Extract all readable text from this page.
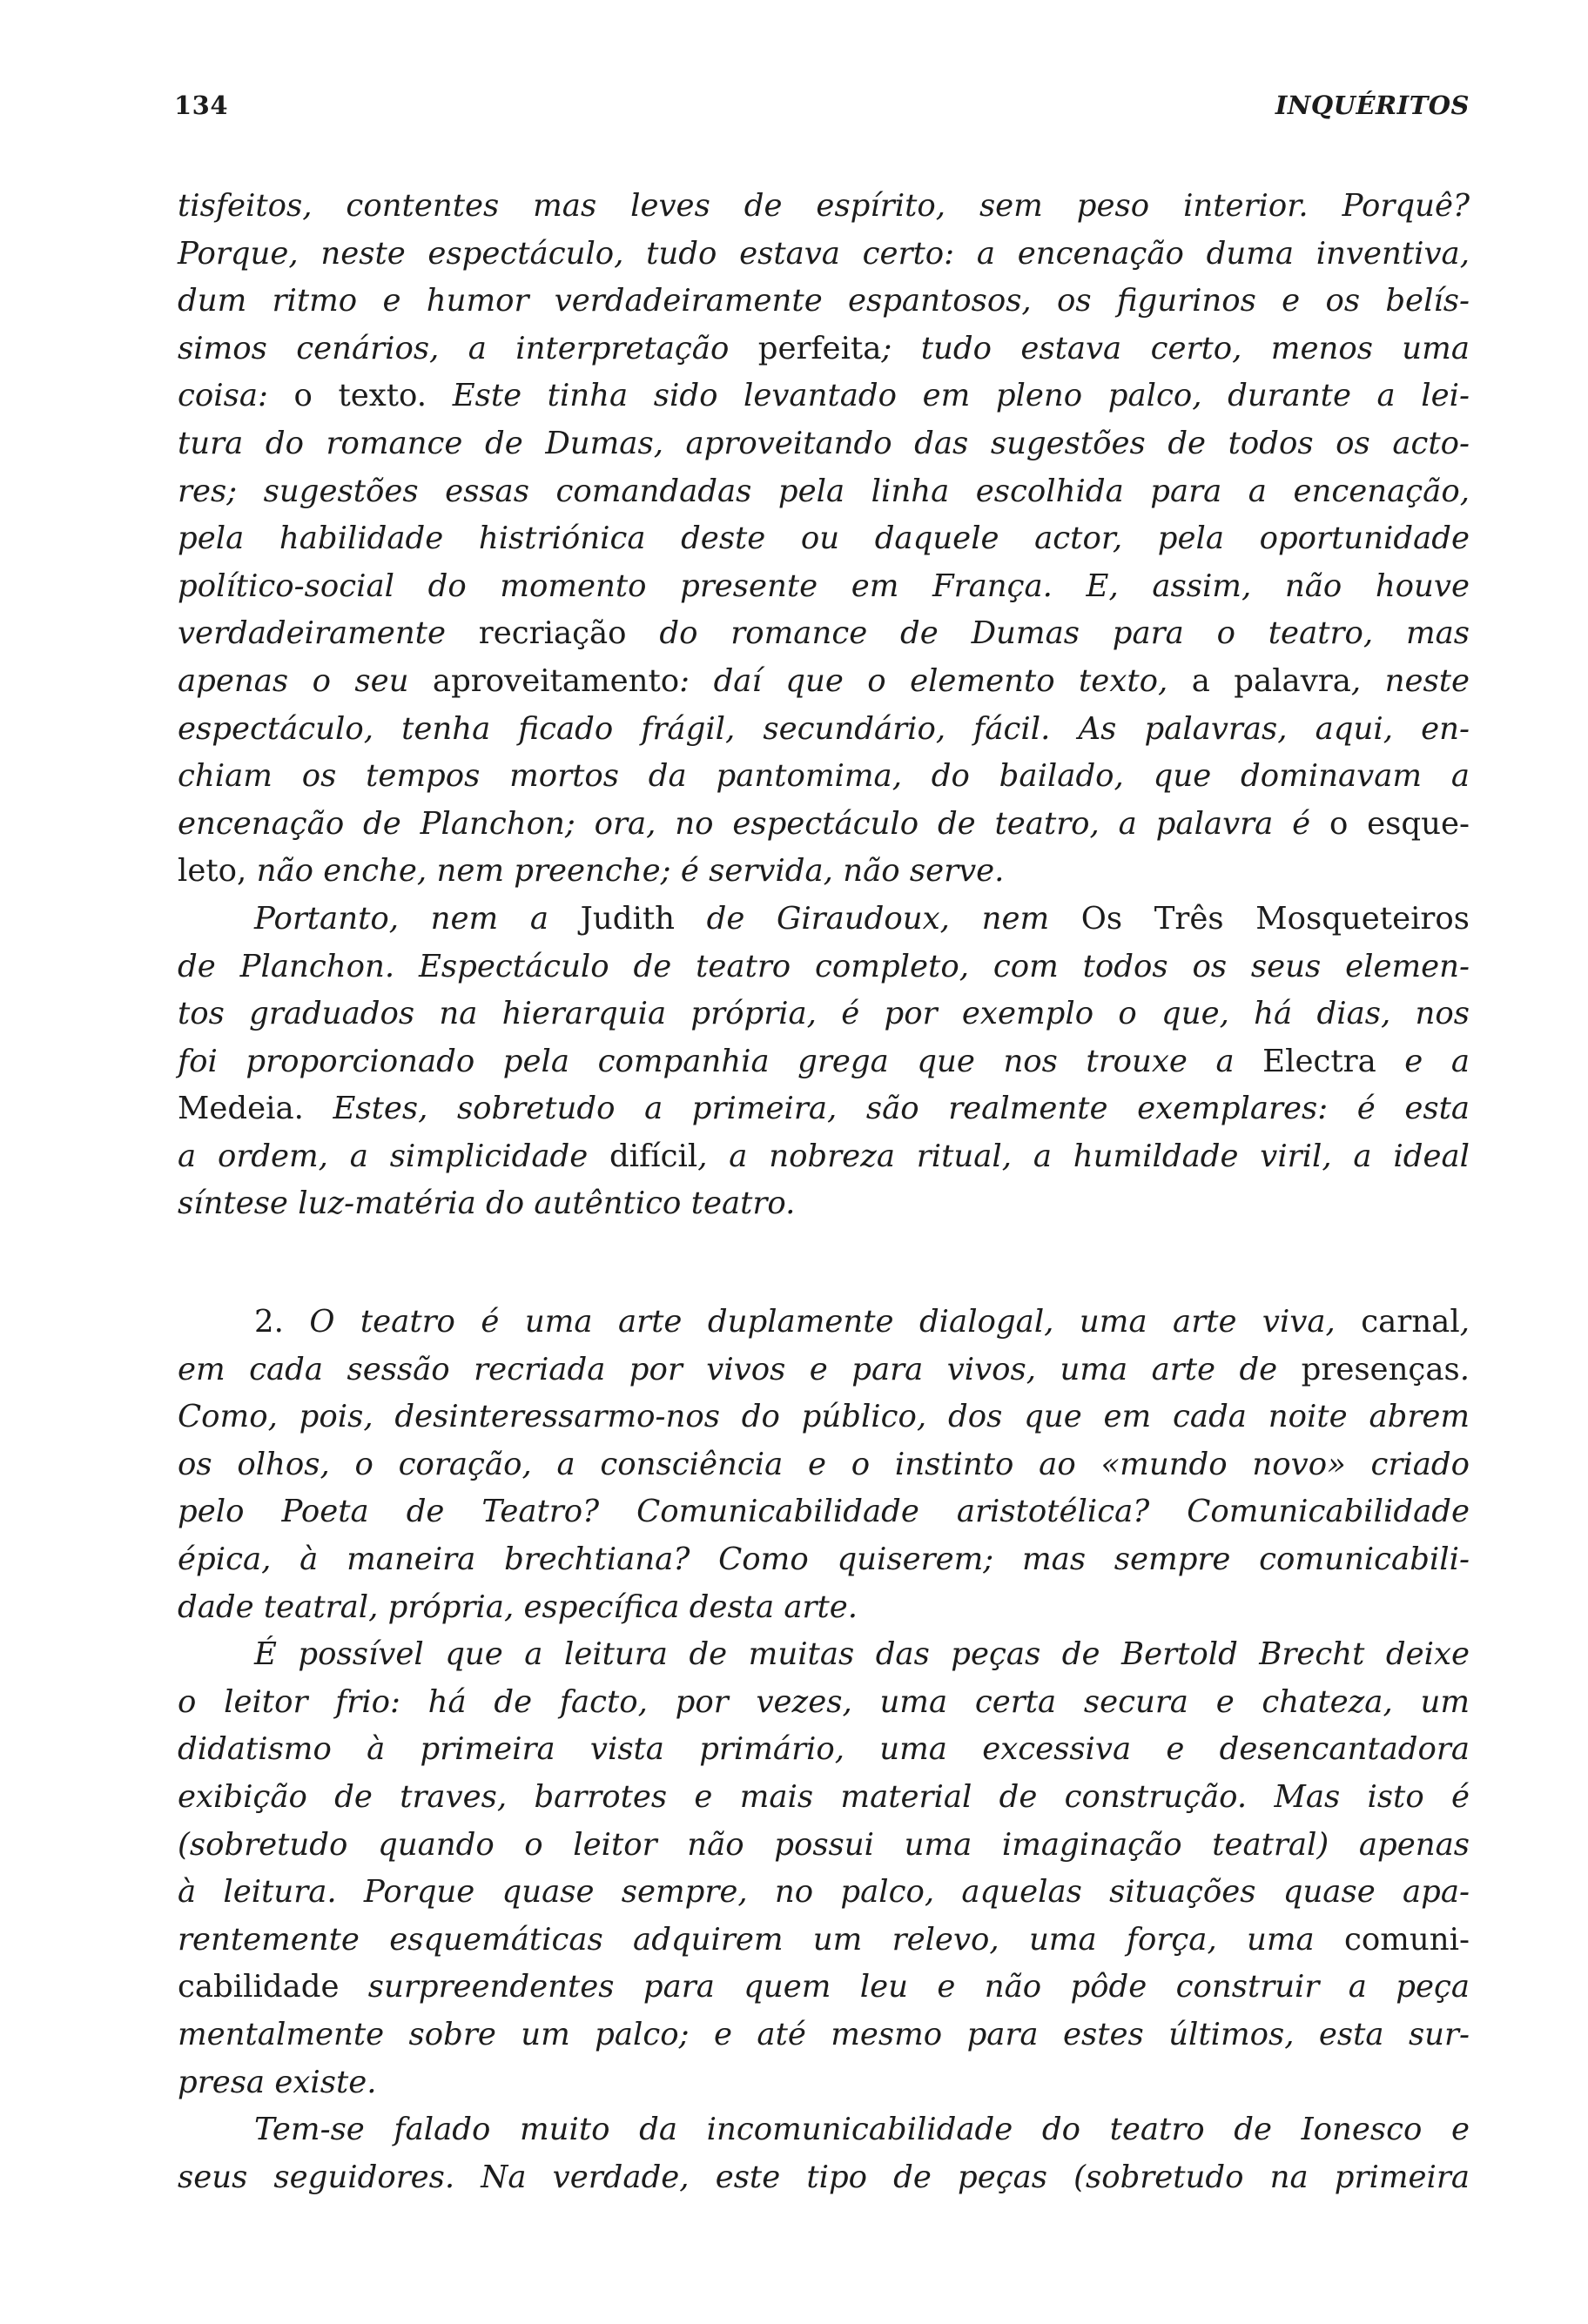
134	INQUÉRITOS
tisfeitos, contentes mas leves de espírito, sem peso interior. Porquê?
Porque, neste espectáculo, tudo estava certo: a encenação duma inventiva,
dum ritmo e humor verdadeiramente espantosos, os figurinos e os belís-
simos cenários, a interpretação perfeita; tudo estava certo, menos uma
coisa: o texto. Este tinha sido levantado em pleno palco, durante a lei-
tura do romance de Dumas, aproveitando das sugestões de todos os acto-
res; sugestões essas comandadas pela linha escolhida para a encenação,
pela habilidade histriónica deste ou daquele actor, pela oportunidade
político-social do momento presente em França. E, assim, não houve
verdadeiramente recriação do romance de Dumas para o teatro, mas
apenas o seu aproveitamento: daí que o elemento texto, a palavra, neste
espectáculo, tenha ficado frágil, secundário, fácil. As palavras, aqui, en-
chiam os tempos mortos da pantomima, do bailado, que dominavam a
encenação de Planchon; ora, no espectáculo de teatro, a palavra é o esque-
leto, não enche, nem preenche; é servida, não serve.
Portanto, nem a Judith de Giraudoux, nem Os Três Mosqueteiros
de Planchon. Espectáculo de teatro completo, com todos os seus elemen-
tos graduados na hierarquia própria, é por exemplo o que, há dias, nos
foi proporcionado pela companhia grega que nos trouxe a Electra e a
Medeia. Estes, sobretudo a primeira, são realmente exemplares: é esta
a ordem, a simplicidade difícil, a nobreza ritual, a humildade viril, a ideal
síntese luz-matéria do autêntico teatro.
2. O teatro é uma arte duplamente dialogal, uma arte viva, carnal,
em cada sessão recriada por vivos e para vivos, uma arte de presenças.
Como, pois, desinteressarmo-nos do público, dos que em cada noite abrem
os olhos, o coração, a consciência e o instinto ao «mundo novo» criado
pelo Poeta de Teatro? Comunicabilidade aristotélica? Comunicabilidade
épica, à maneira brechtiana? Como quiserem; mas sempre comunicabili-
dade teatral, própria, específica desta arte.
É possível que a leitura de muitas das peças de Bertold Brecht deixe
o leitor frio: há de facto, por vezes, uma certa secura e chateza, um
didatismo à primeira vista primário, uma excessiva e desencantadora
exibição de traves, barrotes e mais material de construção. Mas isto é
(sobretudo quando o leitor não possui uma imaginação teatral) apenas
à leitura. Porque quase sempre, no palco, aquelas situações quase apa-
rentemente esquemáticas adquirem um relevo, uma força, uma comuni-
cabilidade surpreendentes para quem leu e não pôde construir a peça
mentalmente sobre um palco; e até mesmo para estes últimos, esta sur-
presa existe.
Tem-se falado muito da incomunicabilidade do teatro de Ionesco e
seus seguidores. Na verdade, este tipo de peças (sobretudo na primeira
